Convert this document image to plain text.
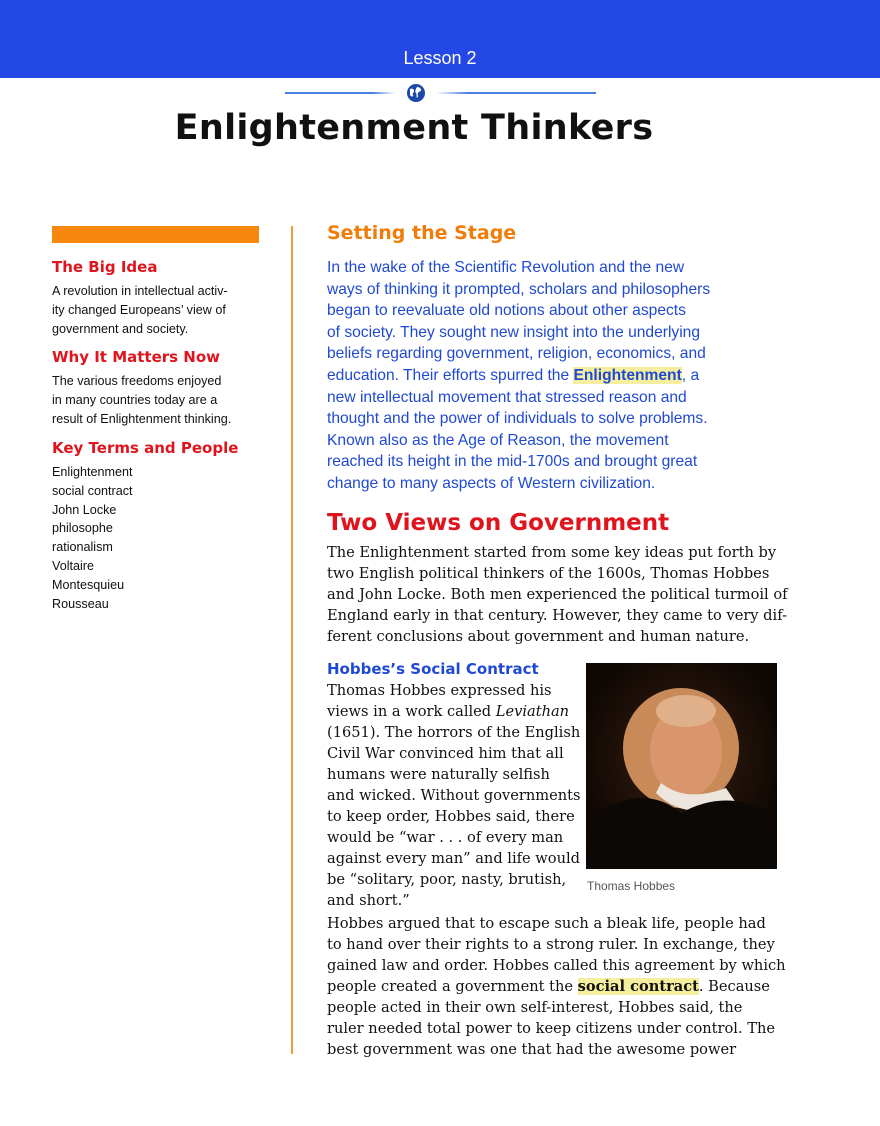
Lesson 2
Enlightenment Thinkers
The Big Idea
A revolution in intellectual activ-
ity changed Europeans’ view of
government and society.
Why It Matters Now
The various freedoms enjoyed
in many countries today are a
result of Enlightenment thinking.
Key Terms and People
Enlightenment
social contract
John Locke
philosophe
rationalism
Voltaire
Montesquieu
Rousseau
Setting the Stage
In the wake of the Scientific Revolution and the new
ways of thinking it prompted, scholars and philosophers
began to reevaluate old notions about other aspects
of society. They sought new insight into the underlying
beliefs regarding government, religion, economics, and
education. Their efforts spurred the Enlightenment, a
new intellectual movement that stressed reason and
thought and the power of individuals to solve problems.
Known also as the Age of Reason, the movement
reached its height in the mid-1700s and brought great
change to many aspects of Western civilization.
Two Views on Government
The Enlightenment started from some key ideas put forth by
two English political thinkers of the 1600s, Thomas Hobbes
and John Locke. Both men experienced the political turmoil of
England early in that century. However, they came to very dif-
ferent conclusions about government and human nature.
Hobbes’s Social Contract
Thomas Hobbes expressed his
views in a work called Leviathan
(1651). The horrors of the English
Civil War convinced him that all
humans were naturally selfish
and wicked. Without governments
to keep order, Hobbes said, there
would be “war . . . of every man
against every man” and life would
be “solitary, poor, nasty, brutish,
and short.”
Hobbes argued that to escape such a bleak life, people had
to hand over their rights to a strong ruler. In exchange, they
gained law and order. Hobbes called this agreement by which
people created a government the social contract. Because
people acted in their own self-interest, Hobbes said, the
ruler needed total power to keep citizens under control. The
best government was one that had the awesome power
Thomas Hobbes
